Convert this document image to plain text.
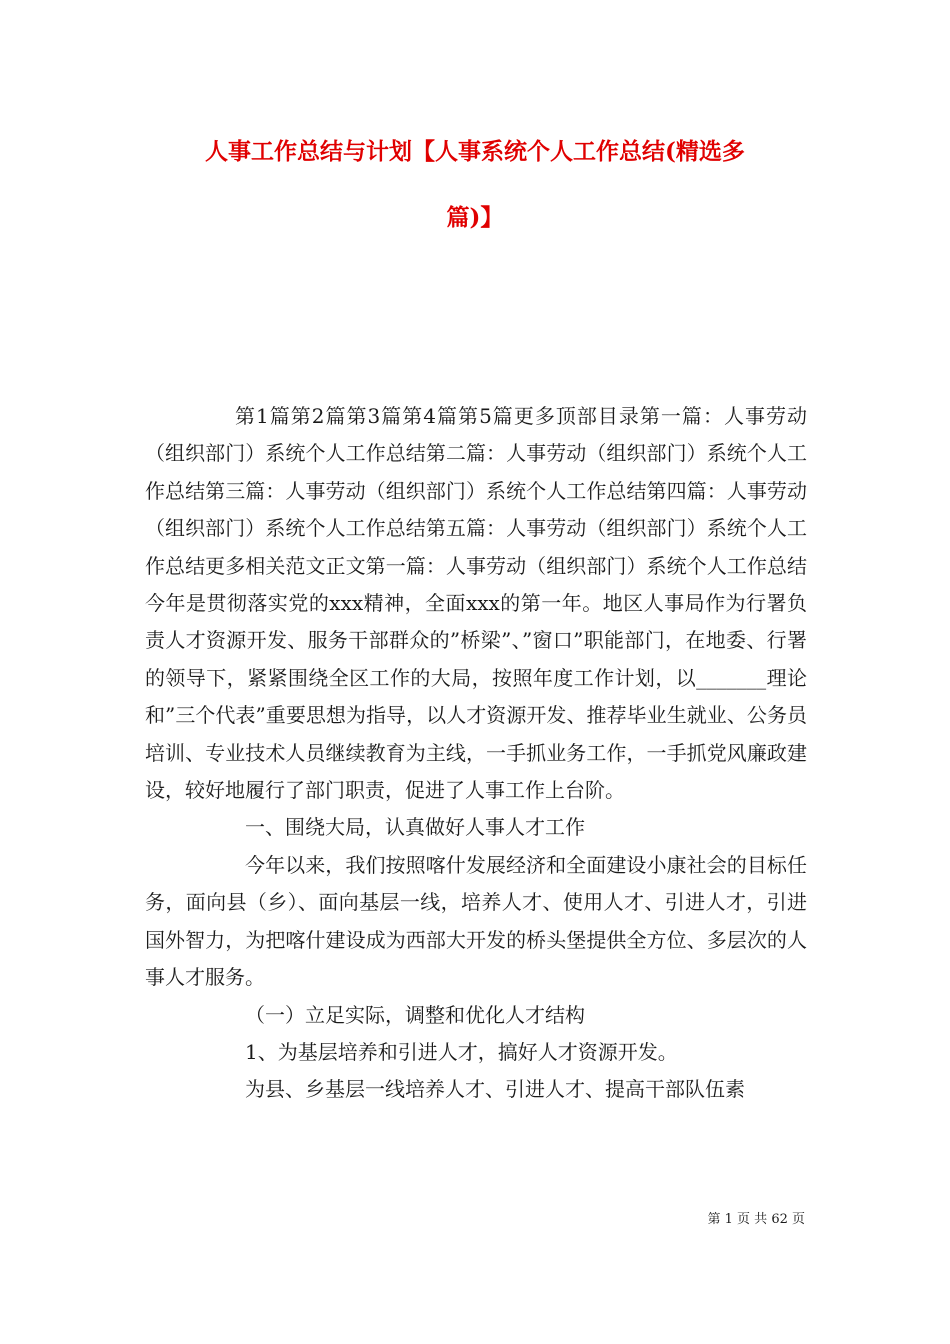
人事工作总结与计划【人事系统个人工作总结(精选多
篇)】

第1篇第2篇第3篇第4篇第5篇更多顶部目录第一篇：人事劳动（组织部门）系统个人工作总结第二篇：人事劳动（组织部门）系统个人工作总结第三篇：人事劳动（组织部门）系统个人工作总结第四篇：人事劳动（组织部门）系统个人工作总结第五篇：人事劳动（组织部门）系统个人工作总结更多相关范文正文第一篇：人事劳动（组织部门）系统个人工作总结今年是贯彻落实党的xxx精神，全面xxx的第一年。地区人事局作为行署负责人才资源开发、服务干部群众的”桥梁”、”窗口”职能部门，在地委、行署的领导下，紧紧围绕全区工作的大局，按照年度工作计划，以_______理论和”三个代表”重要思想为指导，以人才资源开发、推荐毕业生就业、公务员培训、专业技术人员继续教育为主线，一手抓业务工作，一手抓党风廉政建设，较好地履行了部门职责，促进了人事工作上台阶。

一、围绕大局，认真做好人事人才工作

今年以来，我们按照喀什发展经济和全面建设小康社会的目标任务，面向县（乡）、面向基层一线，培养人才、使用人才、引进人才，引进国外智力，为把喀什建设成为西部大开发的桥头堡提供全方位、多层次的人事人才服务。

（一）立足实际，调整和优化人才结构

1、为基层培养和引进人才，搞好人才资源开发。

为县、乡基层一线培养人才、引进人才、提高干部队伍素

第 1 页 共 62 页
